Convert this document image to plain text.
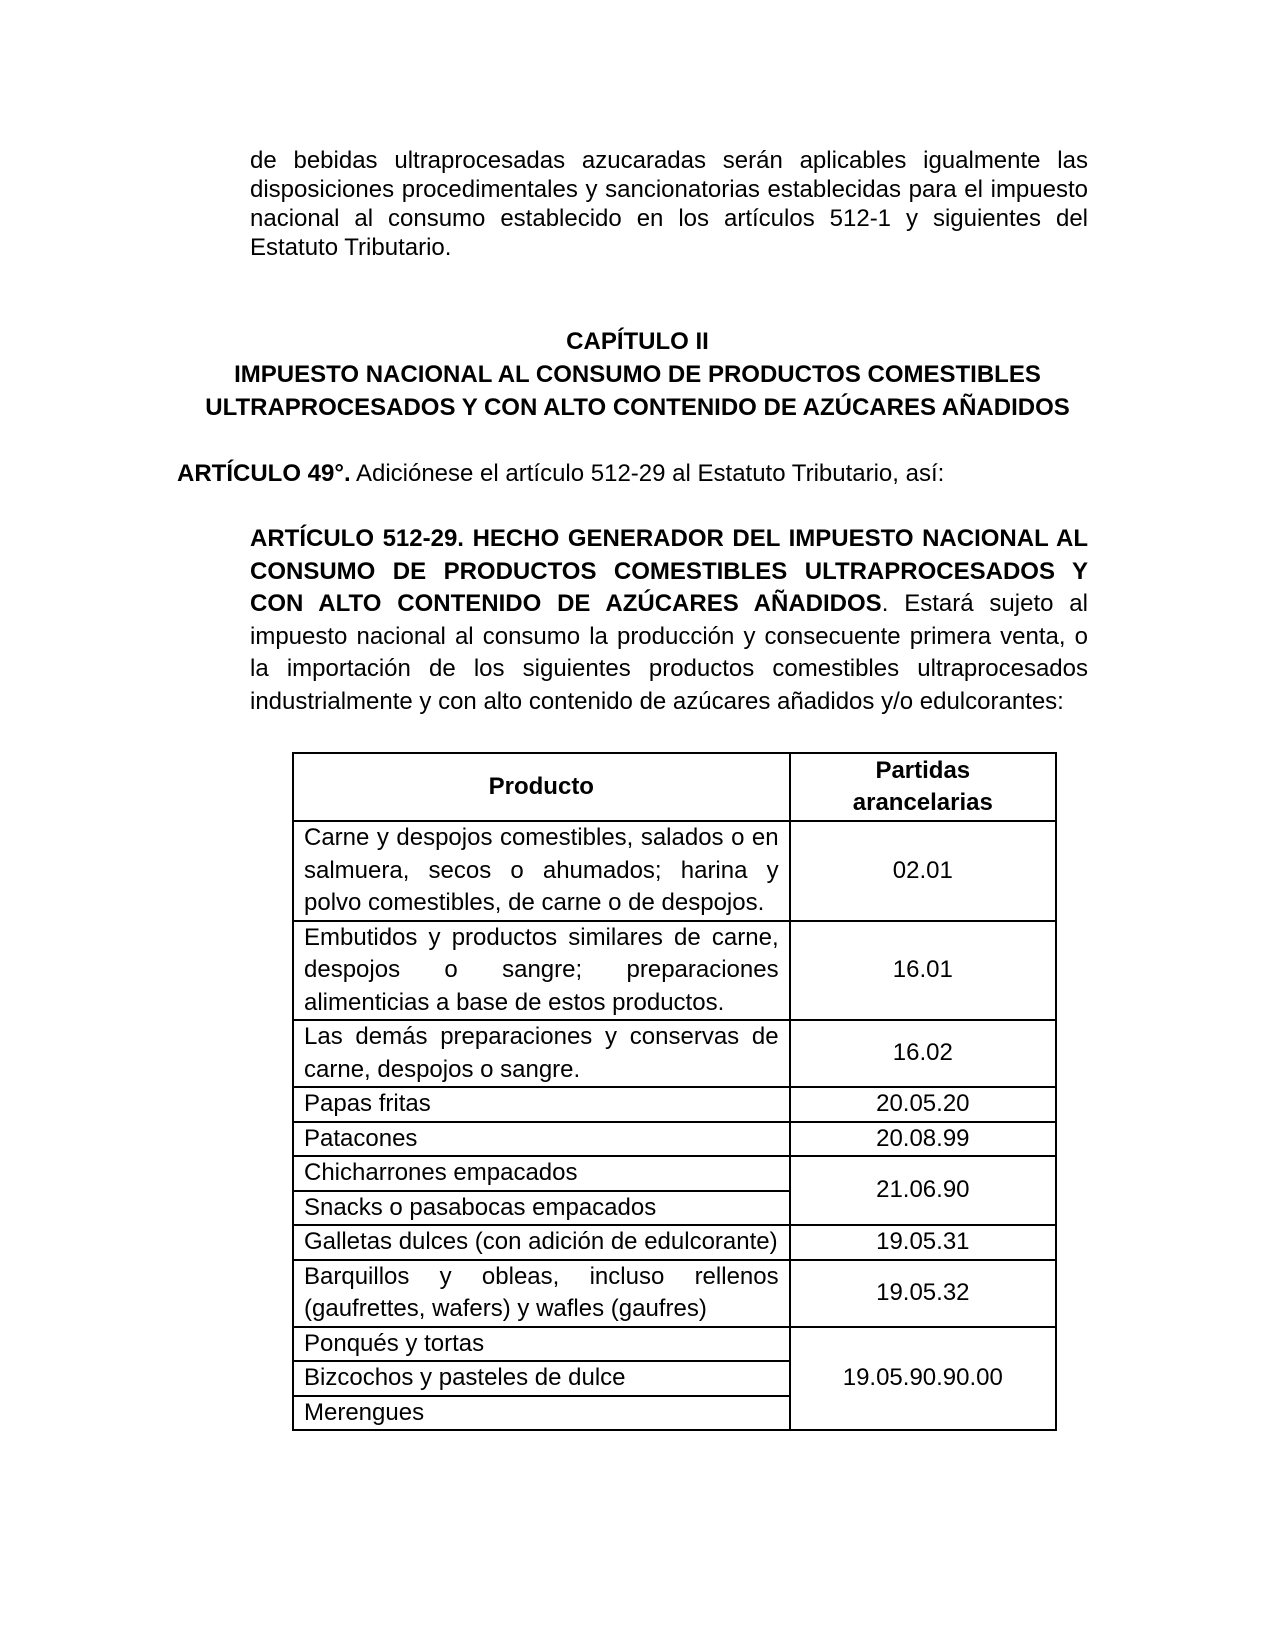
de bebidas ultraprocesadas azucaradas serán aplicables igualmente las disposiciones procedimentales y sancionatorias establecidas para el impuesto nacional al consumo establecido en los artículos 512-1 y siguientes del Estatuto Tributario.

CAPÍTULO II
IMPUESTO NACIONAL AL CONSUMO DE PRODUCTOS COMESTIBLES
ULTRAPROCESADOS Y CON ALTO CONTENIDO DE AZÚCARES AÑADIDOS

ARTÍCULO 49°. Adiciónese el artículo 512-29 al Estatuto Tributario, así:

ARTÍCULO 512-29. HECHO GENERADOR DEL IMPUESTO NACIONAL AL CONSUMO DE PRODUCTOS COMESTIBLES ULTRAPROCESADOS Y CON ALTO CONTENIDO DE AZÚCARES AÑADIDOS. Estará sujeto al impuesto nacional al consumo la producción y consecuente primera venta, o la importación de los siguientes productos comestibles ultraprocesados industrialmente y con alto contenido de azúcares añadidos y/o edulcorantes:

Producto	Partidas
arancelarias

Carne y despojos comestibles, salados o en salmuera, secos o ahumados; harina y polvo comestibles, de carne o de despojos.	02.01
Embutidos y productos similares de carne, despojos o sangre; preparaciones alimenticias a base de estos productos.	16.01
Las demás preparaciones y conservas de carne, despojos o sangre.	16.02
Papas fritas	20.05.20
Patacones	20.08.99
Chicharrones empacados	21.06.90
Snacks o pasabocas empacados	
Galletas dulces (con adición de edulcorante)	19.05.31
Barquillos y obleas, incluso rellenos (gaufrettes, wafers) y wafles (gaufres)	19.05.32
Ponqués y tortas	19.05.90.90.00
Bizcochos y pasteles de dulce	
Merengues	
